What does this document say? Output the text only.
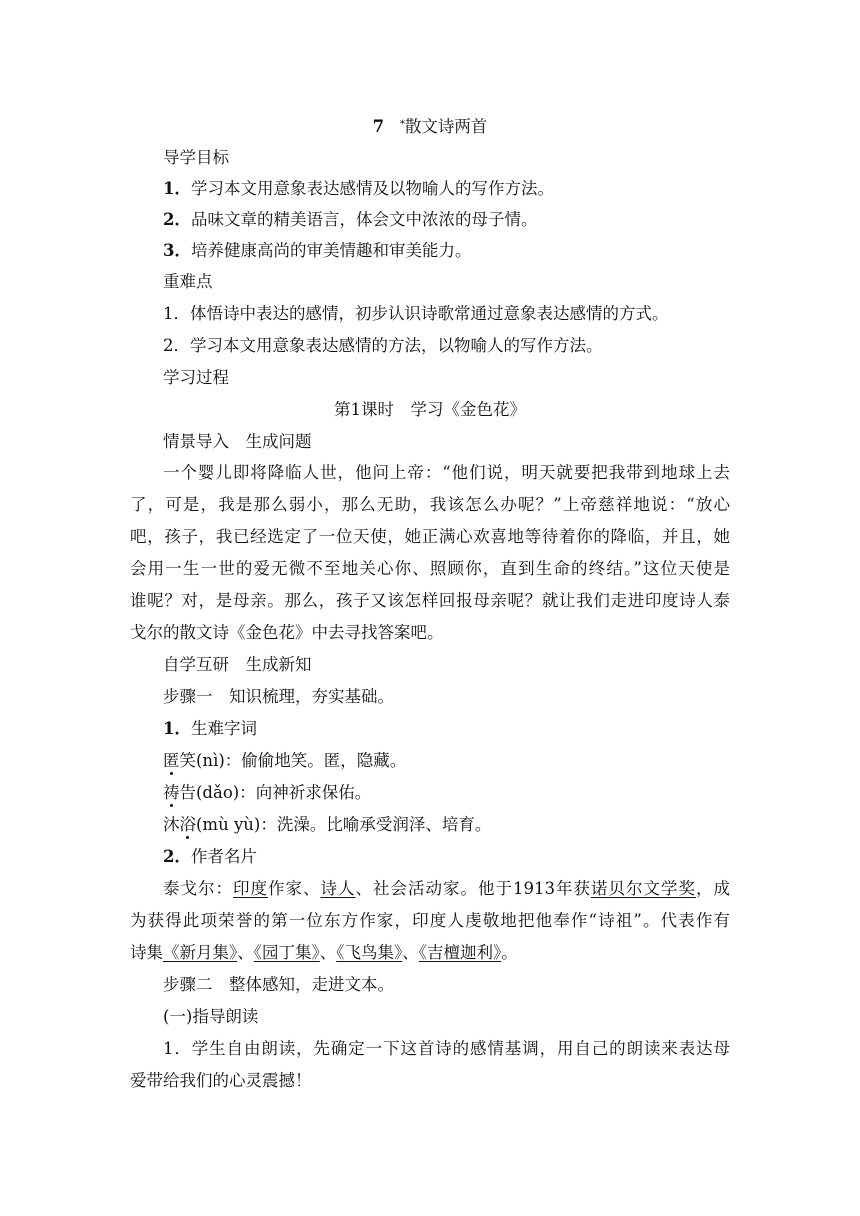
7 *散文诗两首
导学目标
1．学习本文用意象表达感情及以物喻人的写作方法。
2．品味文章的精美语言，体会文中浓浓的母子情。
3．培养健康高尚的审美情趣和审美能力。
重难点
1．体悟诗中表达的感情，初步认识诗歌常通过意象表达感情的方式。
2．学习本文用意象表达感情的方法，以物喻人的写作方法。
学习过程
第1课时　学习《金色花》
情景导入　生成问题
一个婴儿即将降临人世，他问上帝：“他们说，明天就要把我带到地球上去
了，可是，我是那么弱小，那么无助，我该怎么办呢？”上帝慈祥地说：“放心
吧，孩子，我已经选定了一位天使，她正满心欢喜地等待着你的降临，并且，她
会用一生一世的爱无微不至地关心你、照顾你，直到生命的终结。”这位天使是
谁呢？对，是母亲。那么，孩子又该怎样回报母亲呢？就让我们走进印度诗人泰
戈尔的散文诗《金色花》中去寻找答案吧。
自学互研　生成新知
步骤一　知识梳理，夯实基础。
1．生难字词
匿笑(nì)：偷偷地笑。匿，隐藏。
祷告(dǎo)：向神祈求保佑。
沐浴(mù yù)：洗澡。比喻承受润泽、培育。
2．作者名片
泰戈尔：印度作家、诗人、社会活动家。他于1913年获诺贝尔文学奖，成
为获得此项荣誉的第一位东方作家，印度人虔敬地把他奉作“诗祖”。代表作有
诗集《新月集》、《园丁集》、《飞鸟集》、《吉檀迦利》。
步骤二　整体感知，走进文本。
(一)指导朗读
1．学生自由朗读，先确定一下这首诗的感情基调，用自己的朗读来表达母
爱带给我们的心灵震撼！
